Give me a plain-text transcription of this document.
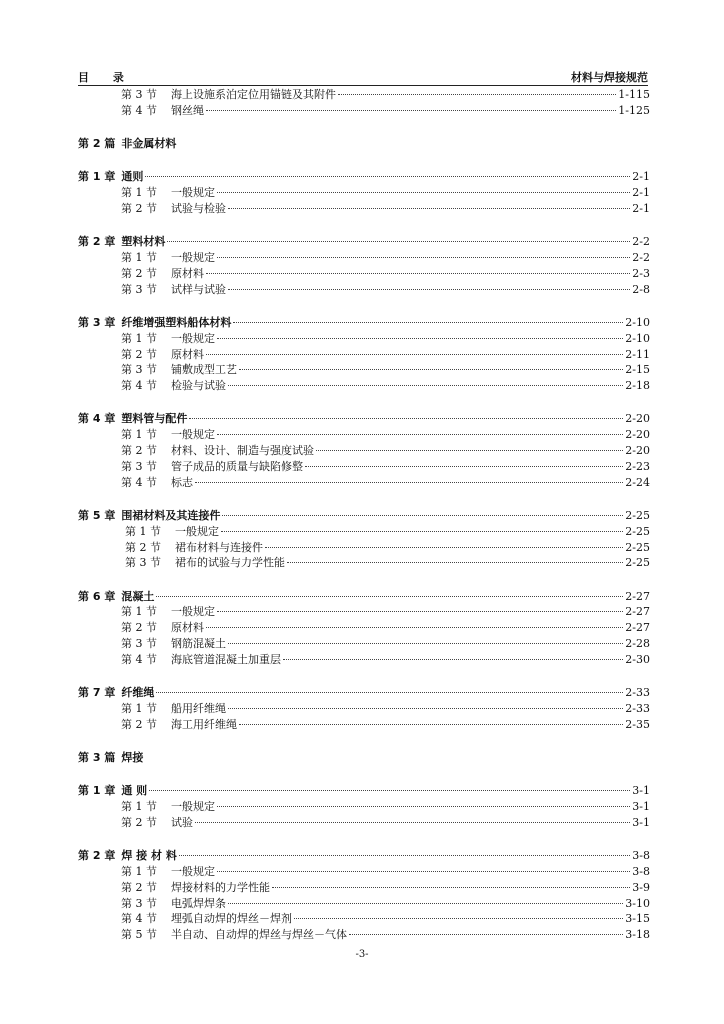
目 录	材料与焊接规范
第 3 节 海上设施系泊定位用锚链及其附件	1-115
第 4 节 钢丝绳	1-125
第 2 篇 非金属材料
第 1 章 通则	2-1
第 1 节 一般规定	2-1
第 2 节 试验与检验	2-1
第 2 章 塑料材料	2-2
第 1 节 一般规定	2-2
第 2 节 原材料	2-3
第 3 节 试样与试验	2-8
第 3 章 纤维增强塑料船体材料	2-10
第 1 节 一般规定	2-10
第 2 节 原材料	2-11
第 3 节 铺敷成型工艺	2-15
第 4 节 检验与试验	2-18
第 4 章 塑料管与配件	2-20
第 1 节 一般规定	2-20
第 2 节 材料、设计、制造与强度试验	2-20
第 3 节 管子成品的质量与缺陷修整	2-23
第 4 节 标志	2-24
第 5 章 围裙材料及其连接件	2-25
第 1 节 一般规定	2-25
第 2 节 裙布材料与连接件	2-25
第 3 节 裙布的试验与力学性能	2-25
第 6 章 混凝土	2-27
第 1 节 一般规定	2-27
第 2 节 原材料	2-27
第 3 节 钢筋混凝土	2-28
第 4 节 海底管道混凝土加重层	2-30
第 7 章 纤维绳	2-33
第 1 节 船用纤维绳	2-33
第 2 节 海工用纤维绳	2-35
第 3 篇 焊接
第 1 章 通 则	3-1
第 1 节 一般规定	3-1
第 2 节 试验	3-1
第 2 章 焊 接 材 料	3-8
第 1 节 一般规定	3-8
第 2 节 焊接材料的力学性能	3-9
第 3 节 电弧焊焊条	3-10
第 4 节 埋弧自动焊的焊丝－焊剂	3-15
第 5 节 半自动、自动焊的焊丝与焊丝－气体	3-18
-3-
